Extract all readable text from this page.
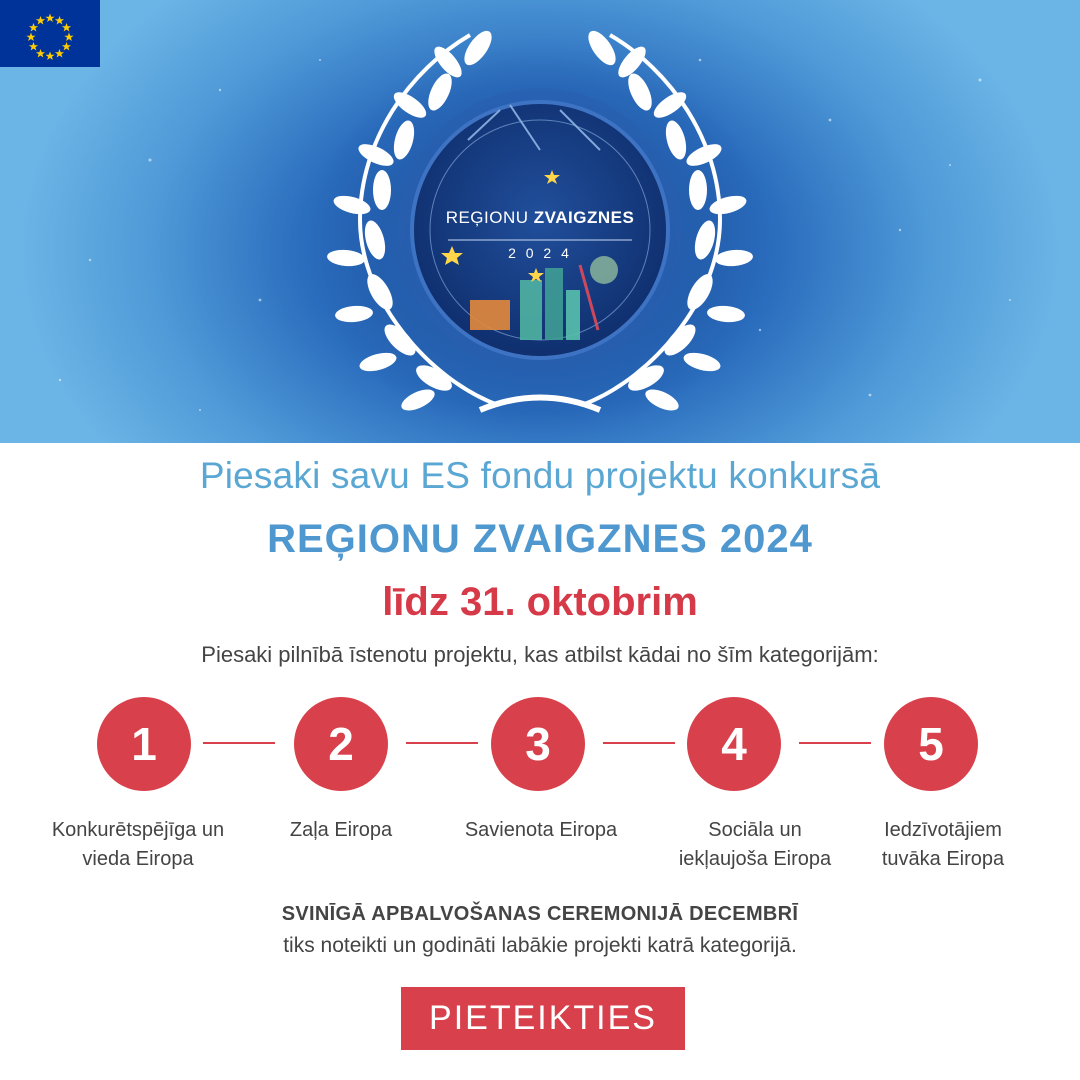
REĢIONU ZVAIGZNES
2 0 2 4
Piesaki savu ES fondu projektu konkursā
REĢIONU ZVAIGZNES 2024
līdz 31. oktobrim
Piesaki pilnībā īstenotu projektu, kas atbilst kādai no šīm kategorijām:
1	2	3	4	5
Konkurētspējīga un
vieda Eiropa
Zaļa Eiropa	Savienota Eiropa	Sociāla un
iekļaujoša Eiropa
Iedzīvotājiem
tuvāka Eiropa
SVINĪGĀ APBALVOŠANAS CEREMONIJĀ DECEMBRĪ
tiks noteikti un godināti labākie projekti katrā kategorijā.
PIETEIKTIES
